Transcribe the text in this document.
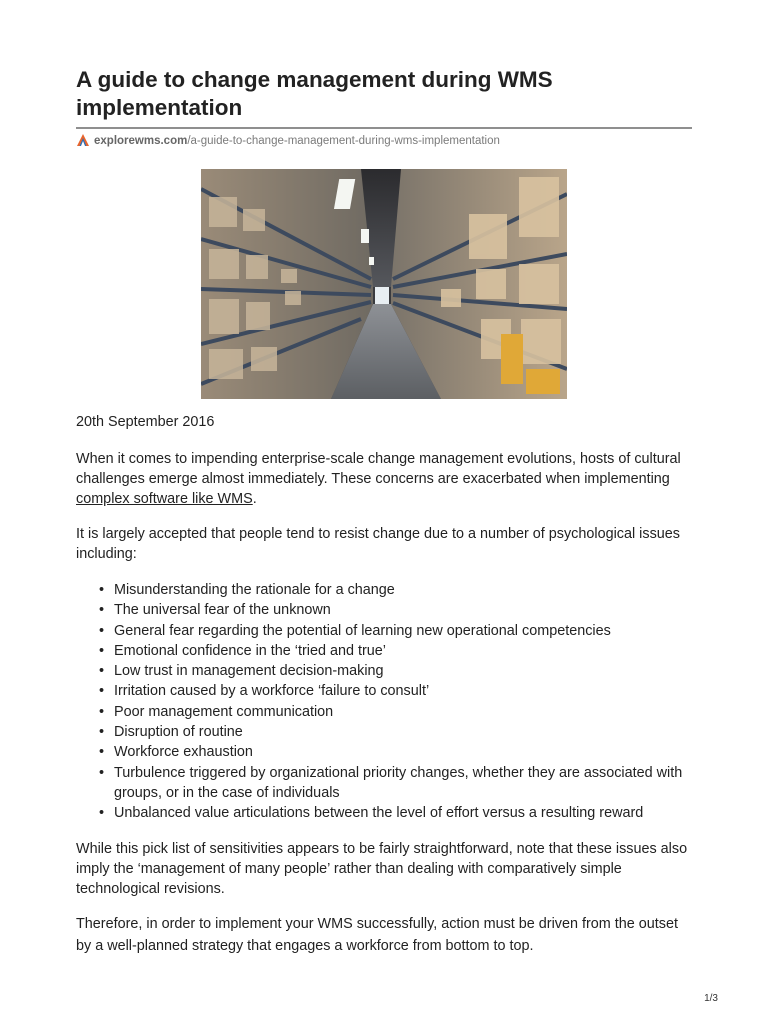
A guide to change management during WMS implementation
explorewms.com/a-guide-to-change-management-during-wms-implementation

20th September 2016

When it comes to impending enterprise-scale change management evolutions, hosts of cultural challenges emerge almost immediately. These concerns are exacerbated when implementing complex software like WMS.

It is largely accepted that people tend to resist change due to a number of psychological issues including:

• Misunderstanding the rationale for a change
• The universal fear of the unknown
• General fear regarding the potential of learning new operational competencies
• Emotional confidence in the ‘tried and true’
• Low trust in management decision-making
• Irritation caused by a workforce ‘failure to consult’
• Poor management communication
• Disruption of routine
• Workforce exhaustion
• Turbulence triggered by organizational priority changes, whether they are associated with groups, or in the case of individuals
• Unbalanced value articulations between the level of effort versus a resulting reward

While this pick list of sensitivities appears to be fairly straightforward, note that these issues also imply the ‘management of many people’ rather than dealing with comparatively simple technological revisions.

Therefore, in order to implement your WMS successfully, action must be driven from the outset by a well-planned strategy that engages a workforce from bottom to top.

1/3
